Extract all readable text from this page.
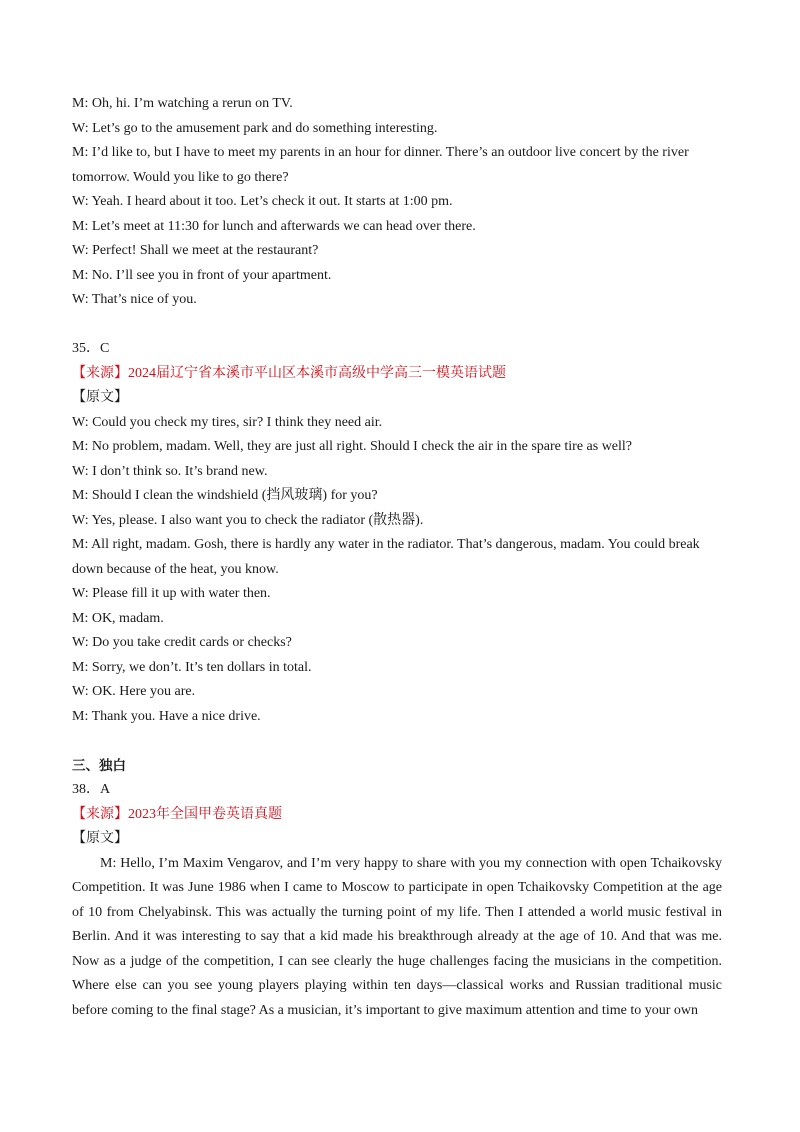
M: Oh, hi. I’m watching a rerun on TV.
W: Let’s go to the amusement park and do something interesting.
M: I’d like to, but I have to meet my parents in an hour for dinner. There’s an outdoor live concert by the river tomorrow. Would you like to go there?
W: Yeah. I heard about it too. Let’s check it out. It starts at 1:00 pm.
M: Let’s meet at 11:30 for lunch and afterwards we can head over there.
W: Perfect! Shall we meet at the restaurant?
M: No. I’ll see you in front of your apartment.
W: That’s nice of you.
35．C
【来源】2024届辽宁省本溪市平山区本溪市高级中学高三一模英语试题
【原文】
W: Could you check my tires, sir? I think they need air.
M: No problem, madam. Well, they are just all right. Should I check the air in the spare tire as well?
W: I don’t think so. It’s brand new.
M: Should I clean the windshield (挡风玻璃) for you?
W: Yes, please. I also want you to check the radiator (散热器).
M: All right, madam. Gosh, there is hardly any water in the radiator. That’s dangerous, madam. You could break down because of the heat, you know.
W: Please fill it up with water then.
M: OK, madam.
W: Do you take credit cards or checks?
M: Sorry, we don’t. It’s ten dollars in total.
W: OK. Here you are.
M: Thank you. Have a nice drive.
三、独白
38．A
【来源】2023年全国甲卷英语真题
【原文】
M: Hello, I’m Maxim Vengarov, and I’m very happy to share with you my connection with open Tchaikovsky Competition. It was June 1986 when I came to Moscow to participate in open Tchaikovsky Competition at the age of 10 from Chelyabinsk. This was actually the turning point of my life. Then I attended a world music festival in Berlin. And it was interesting to say that a kid made his breakthrough already at the age of 10. And that was me. Now as a judge of the competition, I can see clearly the huge challenges facing the musicians in the competition. Where else can you see young players playing within ten days—classical works and Russian traditional music before coming to the final stage? As a musician, it’s important to give maximum attention and time to your own
